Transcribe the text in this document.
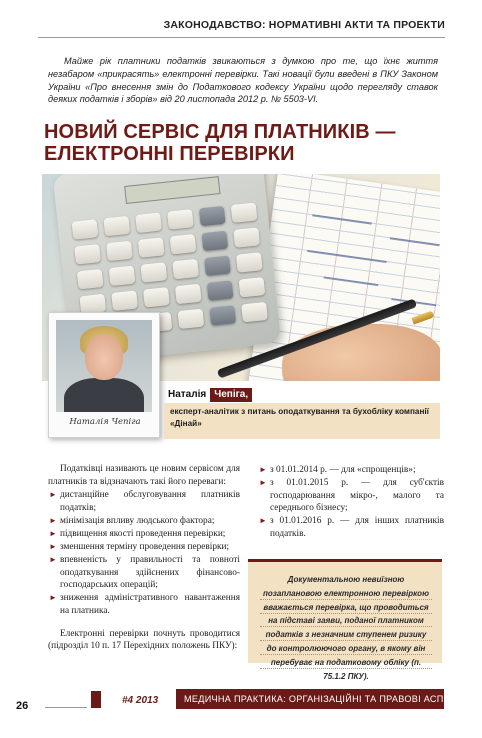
ЗАКОНОДАВСТВО: НОРМАТИВНІ АКТИ ТА ПРОЕКТИ

Майже рік платники податків звикаються з думкою про те, що їхнє життя незабаром «прикрасять» електронні перевірки. Такі новації були введені в ПКУ Законом України «Про внесення змін до Податкового кодексу України щодо перегляду ставок деяких податків і зборів» від 20 листопада 2012 р. № 5503-VI.

НОВИЙ СЕРВІС ДЛЯ ПЛАТНИКІВ —
ЕЛЕКТРОННІ ПЕРЕВІРКИ
Наталія Чепіга
Наталія Чепіга,
експерт-аналітик з питань оподаткування та бухобліку компанії «Дінай»

Податківці називають це новим сервісом для платників та відзначають такі його переваги:

► дистанційне обслуговування платників податків;
► мінімізація впливу людського фактора;
► підвищення якості проведення перевірки;
► зменшення терміну проведення перевірки;
► впевненість у правильності та повноті оподаткування здійснених фінансово-господарських операцій;
► зниження адміністративного навантаження на платника.

Електронні перевірки почнуть проводитися (підрозділ 10 п. 17 Перехідних положень ПКУ):

► з 01.01.2014 р. — для «спрощенців»;
► з 01.01.2015 р. — для суб'єктів господарювання мікро-, малого та середнього бізнесу;
► з 01.01.2016 р. — для інших платників податків.

Документальною невиїзною позаплановою електронною перевіркою вважається перевірка, що проводиться на підставі заяви, поданої платником податків з незначним ступенем ризику до контролюючого органу, в якому він перебуває на податковому обліку (п. 75.1.2 ПКУ).

26	#4 2013	МЕДИЧНА ПРАКТИКА: ОРГАНІЗАЦІЙНІ ТА ПРАВОВІ АСПЕКТИ
